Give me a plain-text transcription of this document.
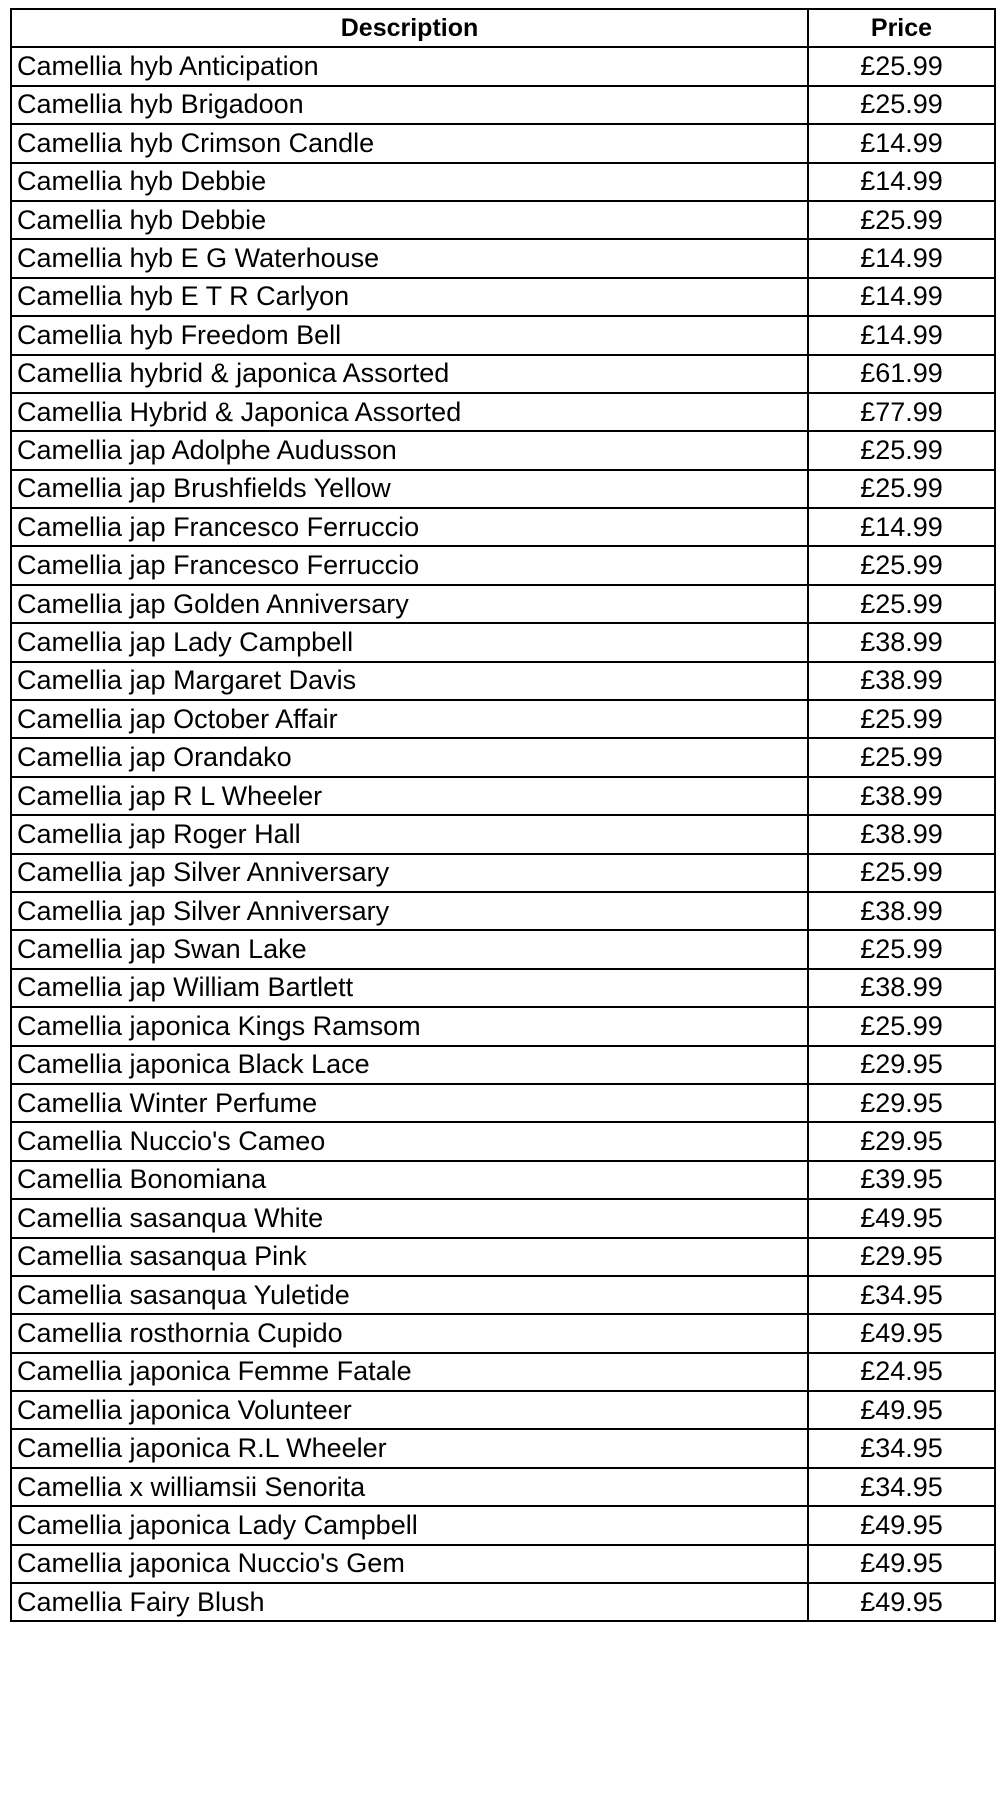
Description	Price
Camellia hyb Anticipation	£25.99
Camellia hyb Brigadoon	£25.99
Camellia hyb Crimson Candle	£14.99
Camellia hyb Debbie	£14.99
Camellia hyb Debbie	£25.99
Camellia hyb E G Waterhouse	£14.99
Camellia hyb E T R Carlyon	£14.99
Camellia hyb Freedom Bell	£14.99
Camellia hybrid & japonica Assorted	£61.99
Camellia Hybrid & Japonica Assorted	£77.99
Camellia jap Adolphe Audusson	£25.99
Camellia jap Brushfields Yellow	£25.99
Camellia jap Francesco Ferruccio	£14.99
Camellia jap Francesco Ferruccio	£25.99
Camellia jap Golden Anniversary	£25.99
Camellia jap Lady Campbell	£38.99
Camellia jap Margaret Davis	£38.99
Camellia jap October Affair	£25.99
Camellia jap Orandako	£25.99
Camellia jap R L Wheeler	£38.99
Camellia jap Roger Hall	£38.99
Camellia jap Silver Anniversary	£25.99
Camellia jap Silver Anniversary	£38.99
Camellia jap Swan Lake	£25.99
Camellia jap William Bartlett	£38.99
Camellia japonica Kings Ramsom	£25.99
Camellia japonica Black Lace	£29.95
Camellia Winter Perfume	£29.95
Camellia Nuccio's Cameo	£29.95
Camellia Bonomiana	£39.95
Camellia sasanqua White	£49.95
Camellia sasanqua Pink	£29.95
Camellia sasanqua Yuletide	£34.95
Camellia rosthornia Cupido	£49.95
Camellia japonica Femme Fatale	£24.95
Camellia japonica Volunteer	£49.95
Camellia japonica R.L Wheeler	£34.95
Camellia x williamsii Senorita	£34.95
Camellia japonica Lady Campbell	£49.95
Camellia japonica Nuccio's Gem	£49.95
Camellia Fairy Blush	£49.95
